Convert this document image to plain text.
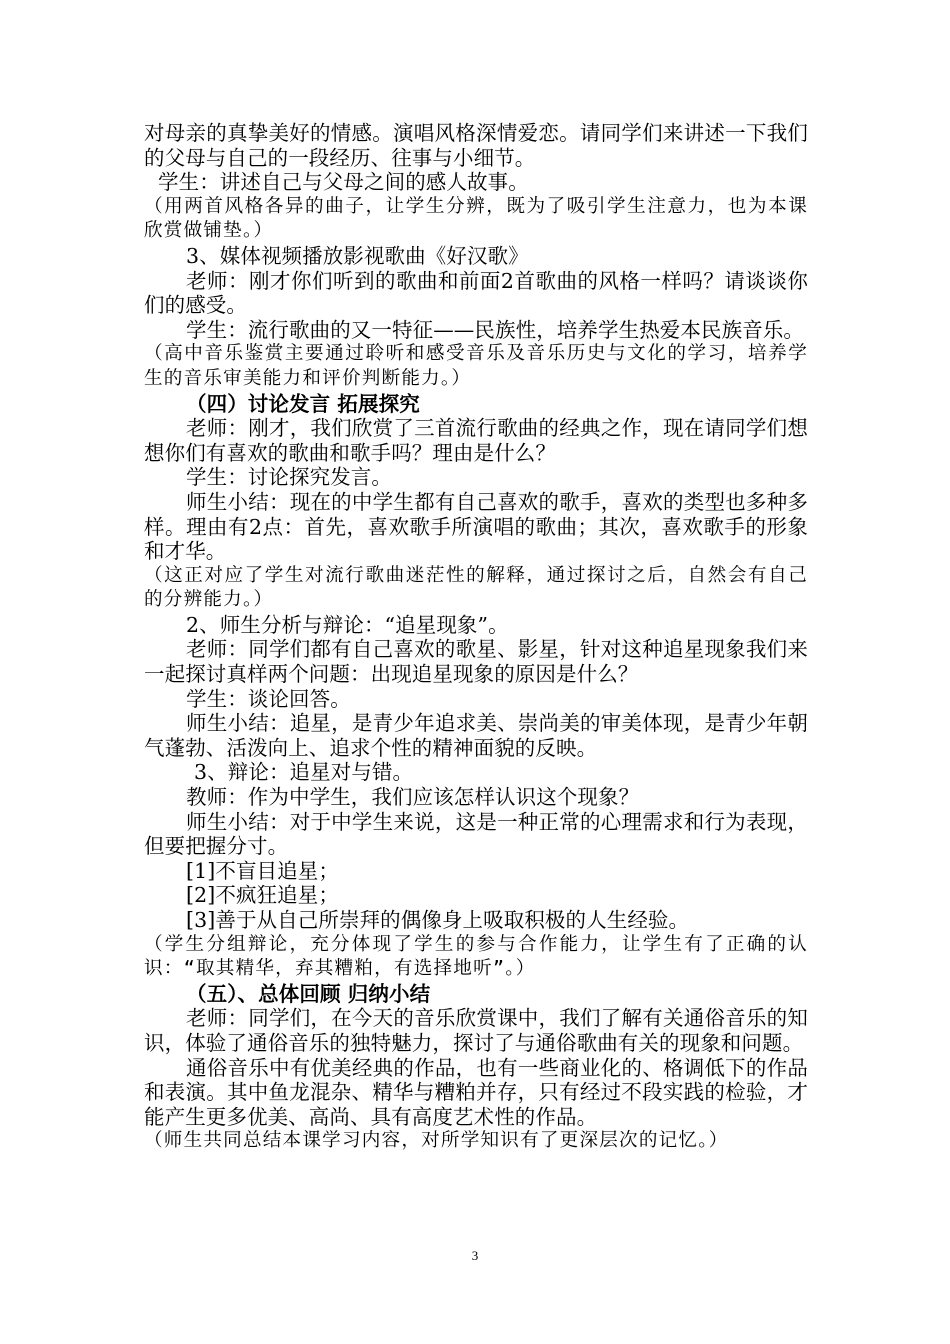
对母亲的真挚美好的情感。演唱风格深情爱恋。请同学们来讲述一下我们的父母与自己的一段经历、往事与小细节。

学生：讲述自己与父母之间的感人故事。

（用两首风格各异的曲子，让学生分辨，既为了吸引学生注意力，也为本课欣赏做铺垫。）

3、媒体视频播放影视歌曲《好汉歌》

老师：刚才你们听到的歌曲和前面2首歌曲的风格一样吗？请谈谈你们的感受。

学生：流行歌曲的又一特征——民族性，培养学生热爱本民族音乐。

（高中音乐鉴赏主要通过聆听和感受音乐及音乐历史与文化的学习，培养学生的音乐审美能力和评价判断能力。）

（四）讨论发言 拓展探究

老师：刚才，我们欣赏了三首流行歌曲的经典之作，现在请同学们想想你们有喜欢的歌曲和歌手吗？理由是什么？

学生：讨论探究发言。

师生小结：现在的中学生都有自己喜欢的歌手，喜欢的类型也多种多样。理由有2点：首先，喜欢歌手所演唱的歌曲；其次，喜欢歌手的形象和才华。

（这正对应了学生对流行歌曲迷茫性的解释，通过探讨之后，自然会有自己的分辨能力。）

2、师生分析与辩论：“追星现象”。

老师：同学们都有自己喜欢的歌星、影星，针对这种追星现象我们来一起探讨真样两个问题：出现追星现象的原因是什么？

学生：谈论回答。

师生小结：追星，是青少年追求美、崇尚美的审美体现，是青少年朝气蓬勃、活泼向上、追求个性的精神面貌的反映。

3、辩论：追星对与错。

教师：作为中学生，我们应该怎样认识这个现象？

师生小结：对于中学生来说，这是一种正常的心理需求和行为表现，但要把握分寸。

[1]不盲目追星；

[2]不疯狂追星；

[3]善于从自己所崇拜的偶像身上吸取积极的人生经验。

（学生分组辩论，充分体现了学生的参与合作能力，让学生有了正确的认识：“取其精华，弃其糟粕，有选择地听”。）

（五）、总体回顾 归纳小结

老师：同学们，在今天的音乐欣赏课中，我们了解有关通俗音乐的知识，体验了通俗音乐的独特魅力，探讨了与通俗歌曲有关的现象和问题。

通俗音乐中有优美经典的作品，也有一些商业化的、格调低下的作品和表演。其中鱼龙混杂、精华与糟粕并存，只有经过不段实践的检验，才能产生更多优美、高尚、具有高度艺术性的作品。

（师生共同总结本课学习内容，对所学知识有了更深层次的记忆。）

3
